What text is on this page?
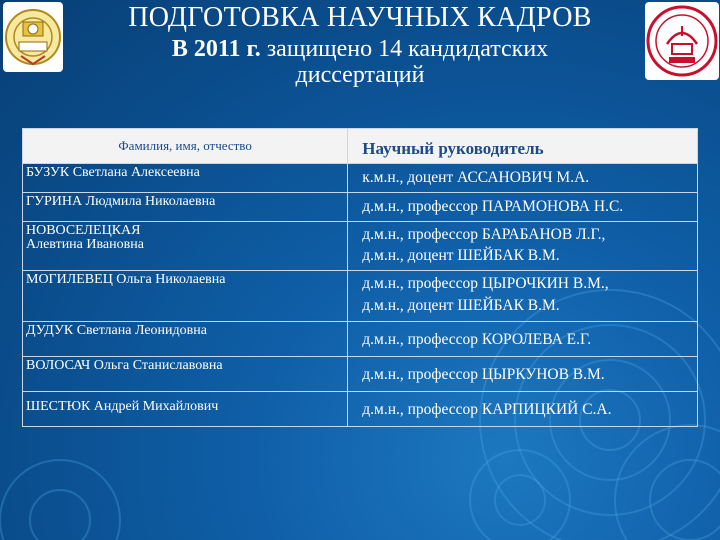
ПОДГОТОВКА НАУЧНЫХ КАДРОВ
В 2011 г. защищено 14 кандидатских
диссертаций
Фамилия, имя, отчество	Научный руководитель

БУЗУК Светлана Алексеевна	к.м.н., доцент АССАНОВИЧ М.А.

ГУРИНА Людмила Николаевна	д.м.н., профессор ПАРАМОНОВА Н.С.

НОВОСЕЛЕЦКАЯ
Алевтина Ивановна	д.м.н., профессор БАРАБАНОВ Л.Г.,
д.м.н., доцент ШЕЙБАК В.М.

МОГИЛЕВЕЦ Ольга Николаевна	д.м.н., профессор ЦЫРОЧКИН В.М.,
д.м.н., доцент ШЕЙБАК В.М.

ДУДУК Светлана Леонидовна	д.м.н., профессор КОРОЛЕВА Е.Г.

ВОЛОСАЧ Ольга Станиславовна	д.м.н., профессор ЦЫРКУНОВ В.М.

ШЕСТЮК Андрей Михайлович	д.м.н., профессор КАРПИЦКИЙ С.А.
